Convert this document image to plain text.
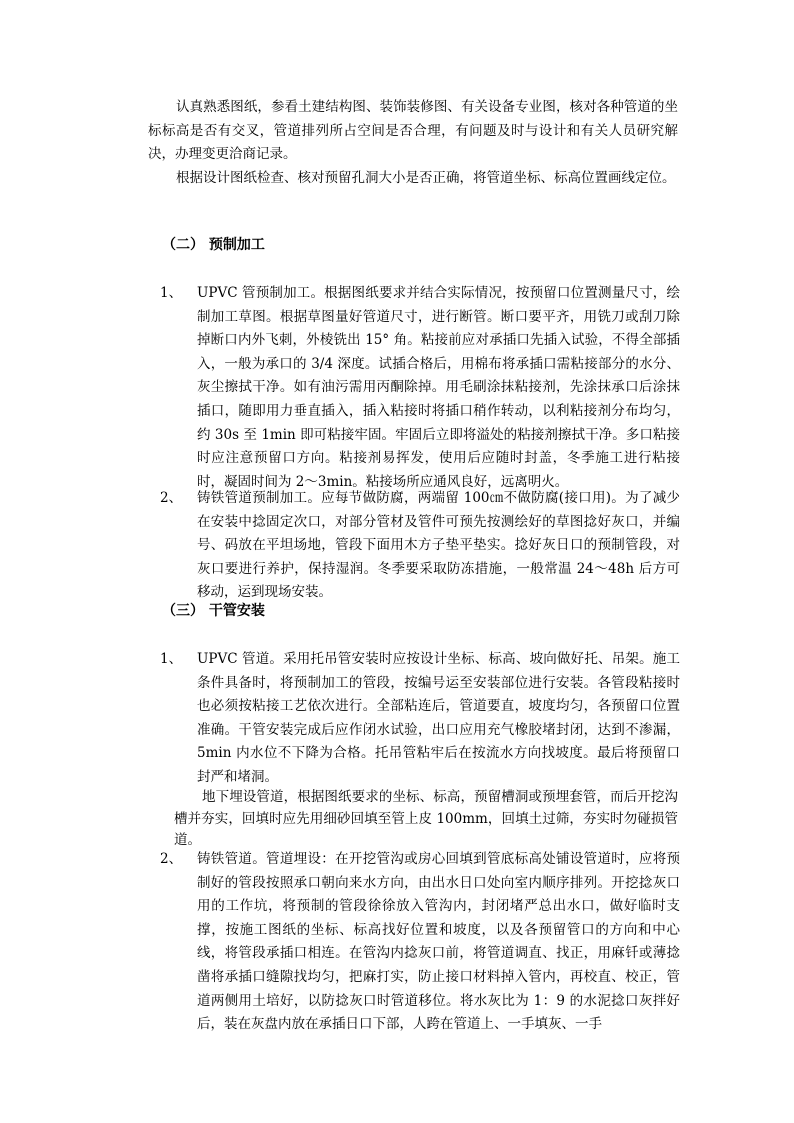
认真熟悉图纸，参看土建结构图、装饰装修图、有关设备专业图，核对各种管道的坐标标高是否有交叉，管道排列所占空间是否合理，有问题及时与设计和有关人员研究解决，办理变更洽商记录。

根据设计图纸检查、核对预留孔洞大小是否正确，将管道坐标、标高位置画线定位。

（二） 预制加工
1、	UPVC 管预制加工。根据图纸要求并结合实际情况，按预留口位置测量尺寸，绘制加工草图。根据草图量好管道尺寸，进行断管。断口要平齐，用铣刀或刮刀除掉断口内外飞刺，外棱铣出 15° 角。粘接前应对承插口先插入试验，不得全部插入，一般为承口的 3/4 深度。试插合格后，用棉布将承插口需粘接部分的水分、灰尘擦拭干净。如有油污需用丙酮除掉。用毛刷涂抹粘接剂，先涂抹承口后涂抹插口，随即用力垂直插入，插入粘接时将插口稍作转动，以利粘接剂分布均匀，约 30s 至 1min 即可粘接牢固。牢固后立即将溢处的粘接剂擦拭干净。多口粘接时应注意预留口方向。粘接剂易挥发，使用后应随时封盖，冬季施工进行粘接时，凝固时间为 2～3min。粘接场所应通风良好，远离明火。
2、	铸铁管道预制加工。应每节做防腐，两端留 100㎝不做防腐(接口用)。为了减少在安装中捻固定次口，对部分管材及管件可预先按测绘好的草图捻好灰口，并编号、码放在平坦场地，管段下面用木方子垫平垫实。捻好灰日口的预制管段，对灰口要进行养护，保持湿润。冬季要采取防冻措施，一般常温 24～48h 后方可移动，运到现场安装。
（三） 干管安装
1、	UPVC 管道。采用托吊管安装时应按设计坐标、标高、坡向做好托、吊架。施工条件具备时，将预制加工的管段，按编号运至安装部位进行安装。各管段粘接时也必须按粘接工艺依次进行。全部粘连后，管道要直，坡度均匀，各预留口位置准确。干管安装完成后应作闭水试验，出口应用充气橡胶堵封闭，达到不渗漏，5min 内水位不下降为合格。托吊管粘牢后在按流水方向找坡度。最后将预留口封严和堵洞。

地下埋设管道，根据图纸要求的坐标、标高，预留槽洞或预埋套管，而后开挖沟槽并夯实，回填时应先用细砂回填至管上皮 100mm，回填土过筛，夯实时勿碰损管道。

2、	铸铁管道。管道埋设：在开挖管沟或房心回填到管底标高处铺设管道时，应将预制好的管段按照承口朝向来水方向，由出水日口处向室内顺序排列。开挖捻灰口用的工作坑，将预制的管段徐徐放入管沟内，封闭堵严总出水口，做好临时支撑，按施工图纸的坐标、标高找好位置和坡度，以及各预留管口的方向和中心线，将管段承插口相连。在管沟内捻灰口前，将管道调直、找正，用麻钎或薄捻凿将承插口缝隙找均匀，把麻打实，防止接口材料掉入管内，再校直、校正，管道两侧用土培好，以防捻灰口时管道移位。将水灰比为 1：9 的水泥捻口灰拌好后，装在灰盘内放在承插日口下部，人跨在管道上、一手填灰、一手
